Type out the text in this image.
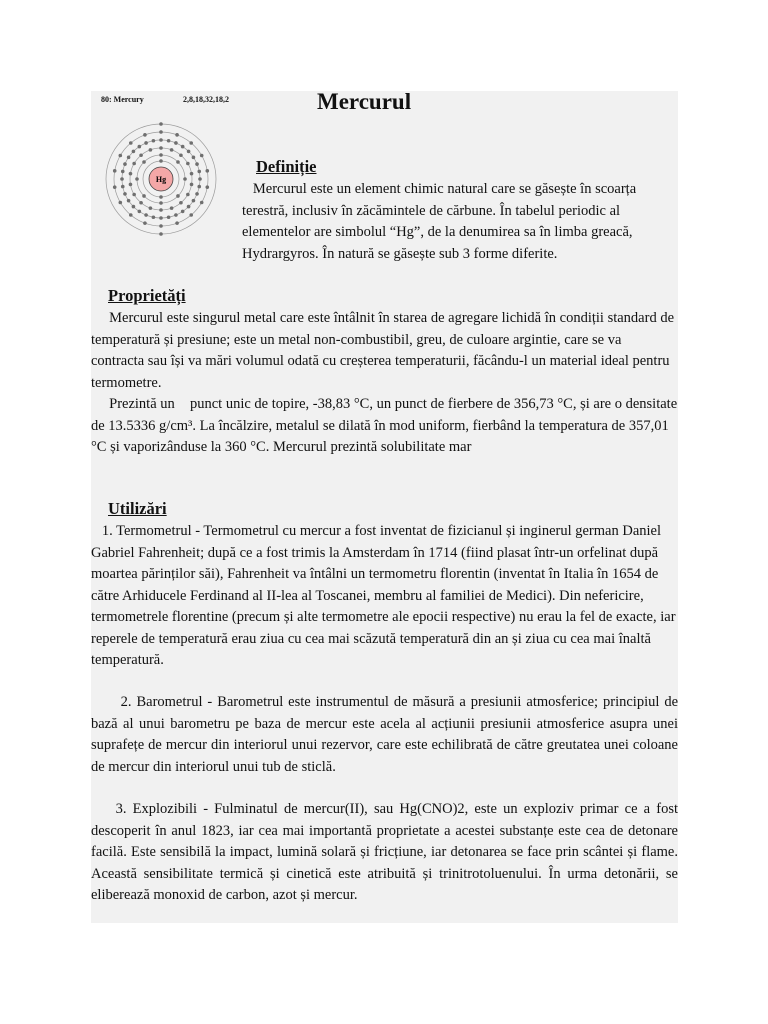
80: Mercury	2,8,18,32,18,2
Hg
Mercurul
Definiție

Mercurul este un element chimic natural care se găsește în scoarța terestră, inclusiv în zăcămintele de cărbune. În tabelul periodic al elementelor are simbolul “Hg”, de la denumirea sa în limba greacă, Hydrargyros. În natură se găsește sub 3 forme diferite.

Proprietăți

Mercurul este singurul metal care este întâlnit în starea de agregare lichidă în condiții standard de temperatură și presiune; este un metal non-combustibil, greu, de culoare argintie, care se va contracta sau își va mări volumul odată cu creșterea temperaturii, făcându-l un material ideal pentru termometre.

Prezintă un punct unic de topire, -38,83 °C, un punct de fierbere de 356,73 °C, și are o densitate de 13.5336 g/cm³. La încălzire, metalul se dilată în mod uniform, fierbând la temperatura de 357,01 °C și vaporizânduse la 360 °C. Mercurul prezintă solubilitate mar

Utilizări

1. Termometrul - Termometrul cu mercur a fost inventat de fizicianul și inginerul german Daniel Gabriel Fahrenheit; după ce a fost trimis la Amsterdam în 1714 (fiind plasat într-un orfelinat după moartea părinților săi), Fahrenheit va întâlni un termometru florentin (inventat în Italia în 1654 de către Arhiducele Ferdinand al II-lea al Toscanei, membru al familiei de Medici). Din nefericire, termometrele florentine (precum și alte termometre ale epocii respective) nu erau la fel de exacte, iar reperele de temperatură erau ziua cu cea mai scăzută temperatură din an și ziua cu cea mai înaltă temperatură.

2. Barometrul - Barometrul este instrumentul de măsură a presiunii atmosferice; principiul de bază al unui barometru pe baza de mercur este acela al acțiunii presiunii atmosferice asupra unei suprafețe de mercur din interiorul unui rezervor, care este echilibrată de către greutatea unei coloane de mercur din interiorul unui tub de sticlă.

3. Explozibili - Fulminatul de mercur(II), sau Hg(CNO)2, este un exploziv primar ce a fost descoperit în anul 1823, iar cea mai importantă proprietate a acestei substanțe este cea de detonare facilă. Este sensibilă la impact, lumină solară și fricțiune, iar detonarea se face prin scântei și flame. Această sensibilitate termică și cinetică este atribuită și trinitrotoluenului. În urma detonării, se eliberează monoxid de carbon, azot și mercur.
